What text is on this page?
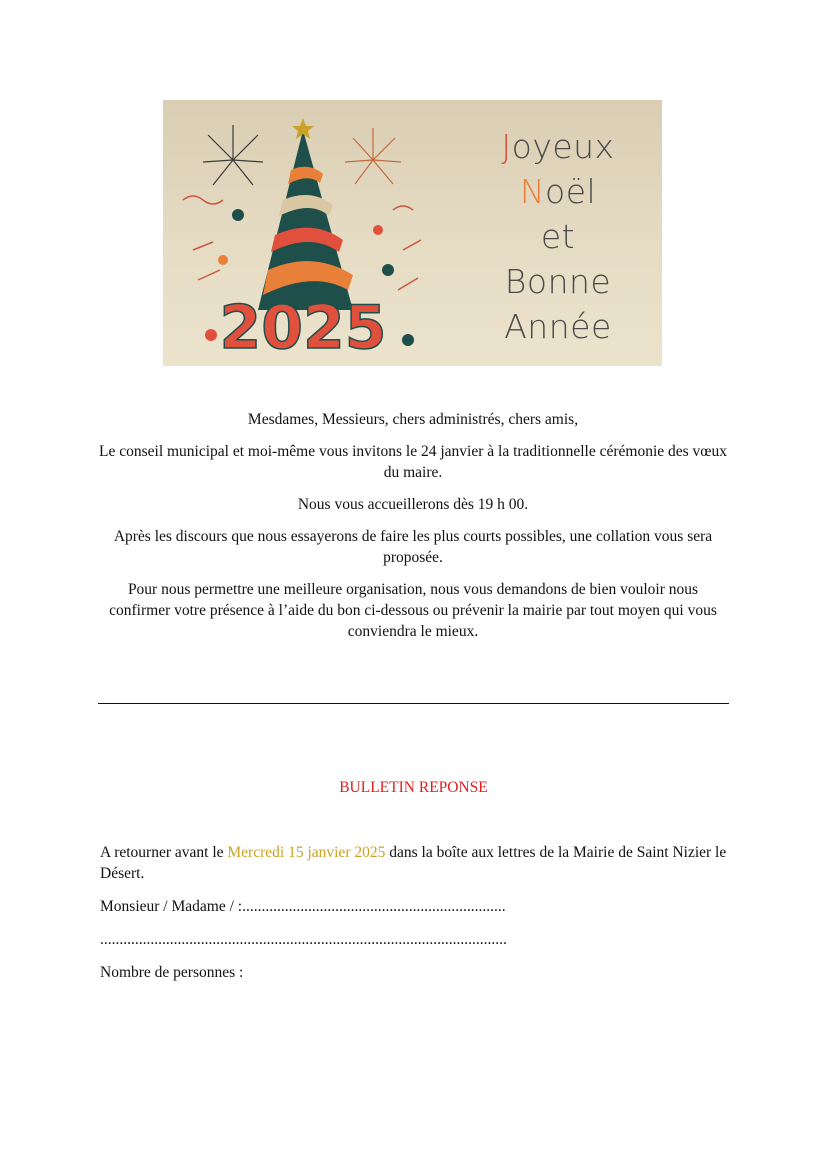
2025
Joyeux
Noël
et
Bonne
Année

Mesdames, Messieurs, chers administrés, chers amis,

Le conseil municipal et moi-même vous invitons le 24 janvier à la traditionnelle cérémonie des vœux du maire.

Nous vous accueillerons dès 19 h 00.

Après les discours que nous essayerons de faire les plus courts possibles, une collation vous sera proposée.

Pour nous permettre une meilleure organisation, nous vous demandons de bien vouloir nous confirmer votre présence à l’aide du bon ci-dessous ou prévenir la mairie par tout moyen qui vous conviendra le mieux.

BULLETIN REPONSE

A retourner avant le Mercredi 15 janvier 2025 dans la boîte aux lettres de la Mairie de Saint Nizier le Désert.

Monsieur / Madame / :....................................................................

.........................................................................................................

Nombre de personnes :
